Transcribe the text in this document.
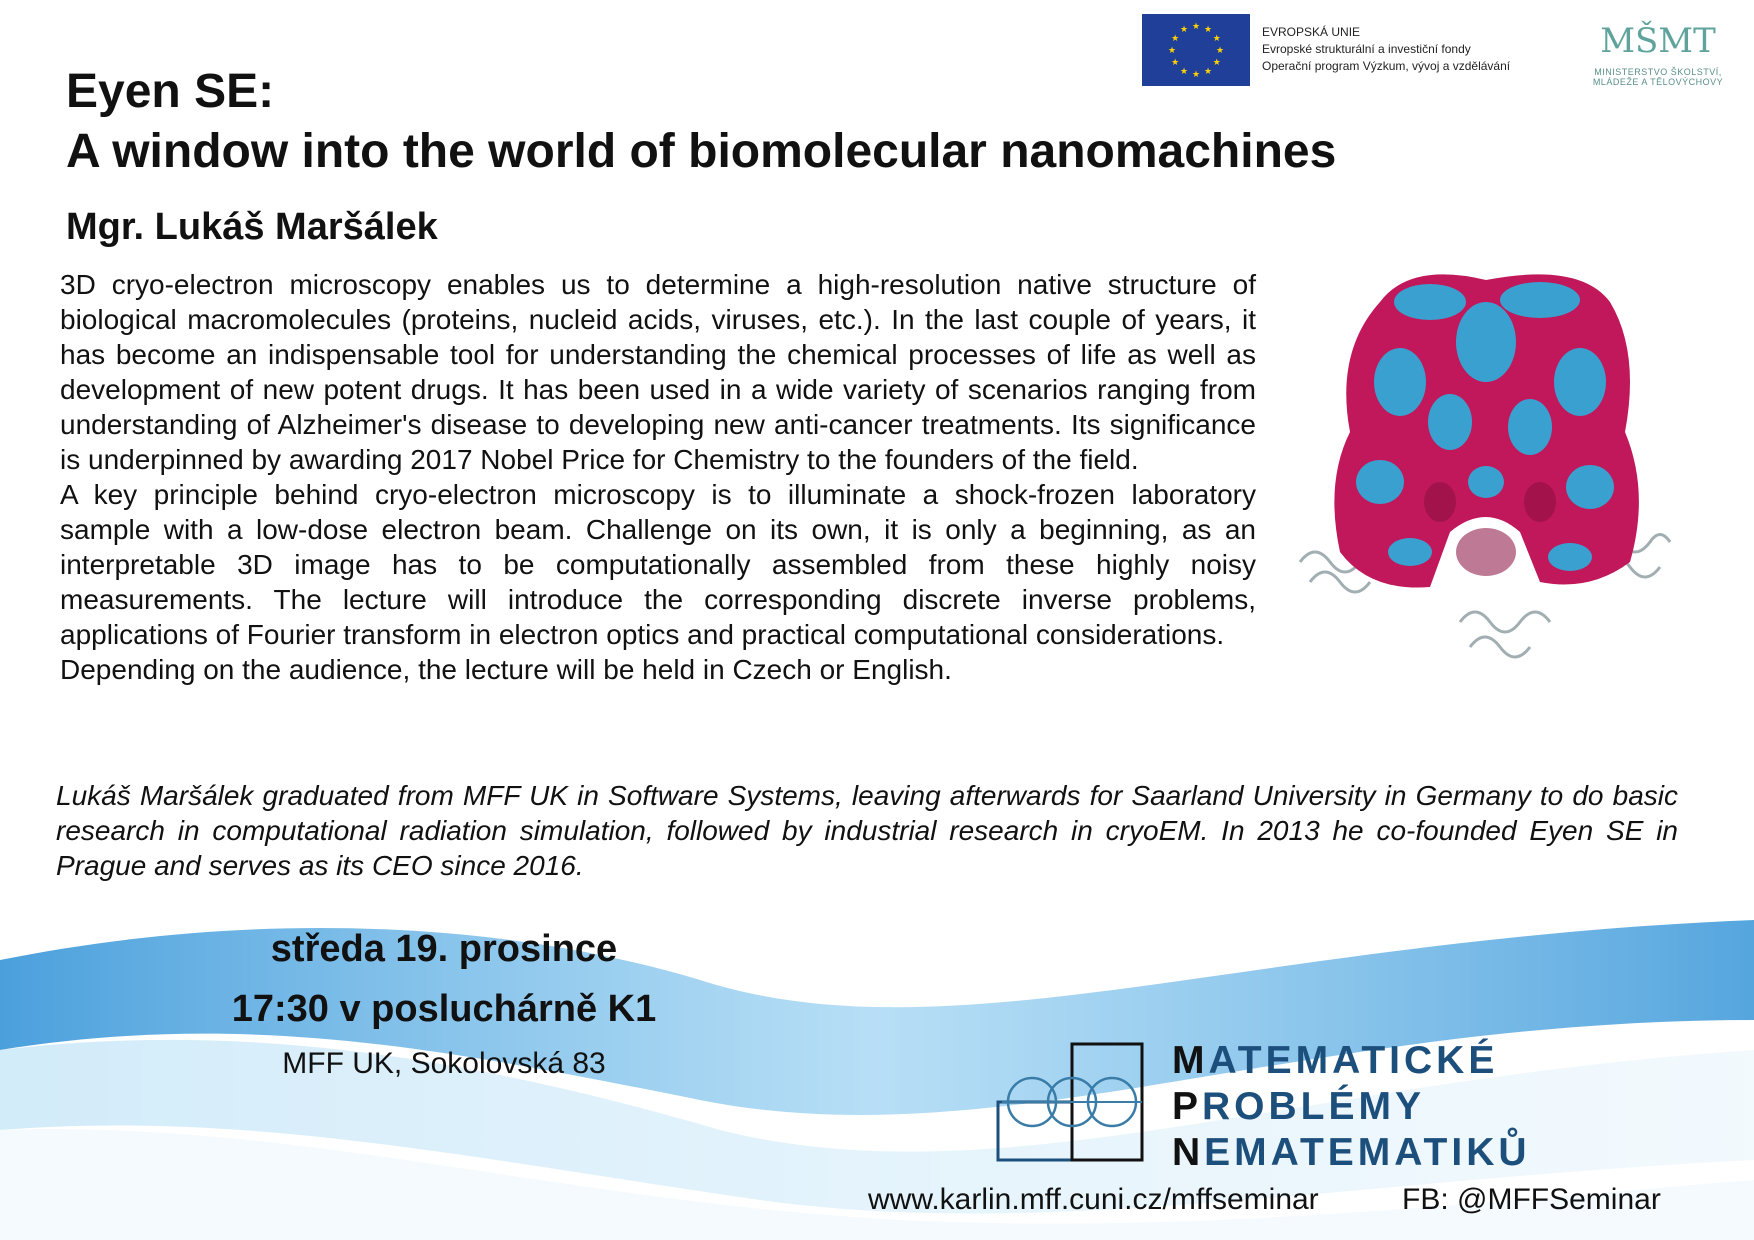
★ ★
★
★
★
★
★
★
★
★
★
★	EVROPSKÁ UNIE
Evropské strukturální a investiční fondy
Operační program Výzkum, vývoj a vzdělávání
MŠMT
MINISTERSTVO ŠKOLSTVÍ,
MLÁDEŽE A TĚLOVÝCHOVY
Eyen SE:
A window into the world of biomolecular nanomachines
Mgr. Lukáš Maršálek

3D cryo-electron microscopy enables us to determine a high-resolution native structure of biological macromolecules (proteins, nucleid acids, viruses, etc.). In the last couple of years, it has become an indispensable tool for understanding the chemical processes of life as well as development of new potent drugs. It has been used in a wide variety of scenarios ranging from understanding of Alzheimer's disease to developing new anti-cancer treatments. Its significance is underpinned by awarding 2017 Nobel Price for Chemistry to the founders of the field.

A key principle behind cryo-electron microscopy is to illuminate a shock-frozen laboratory sample with a low-dose electron beam. Challenge on its own, it is only a beginning, as an interpretable 3D image has to be computationally assembled from these highly noisy measurements. The lecture will introduce the corresponding discrete inverse problems, applications of Fourier transform in electron optics and practical computational considerations.

Depending on the audience, the lecture will be held in Czech or English.

Lukáš Maršálek graduated from MFF UK in Software Systems, leaving afterwards for Saarland University in Germany to do basic research in computational radiation simulation, followed by industrial research in cryoEM. In 2013 he co-founded Eyen SE in Prague and serves as its CEO since 2016.
středa 19. prosince
17:30 v posluchárně K1
MFF UK, Sokolovská 83	MATEMATICKÉ
PROBLÉMY
NEMATEMATIKŮ
www.karlin.mff.cuni.cz/mffseminar	FB: @MFFSeminar
